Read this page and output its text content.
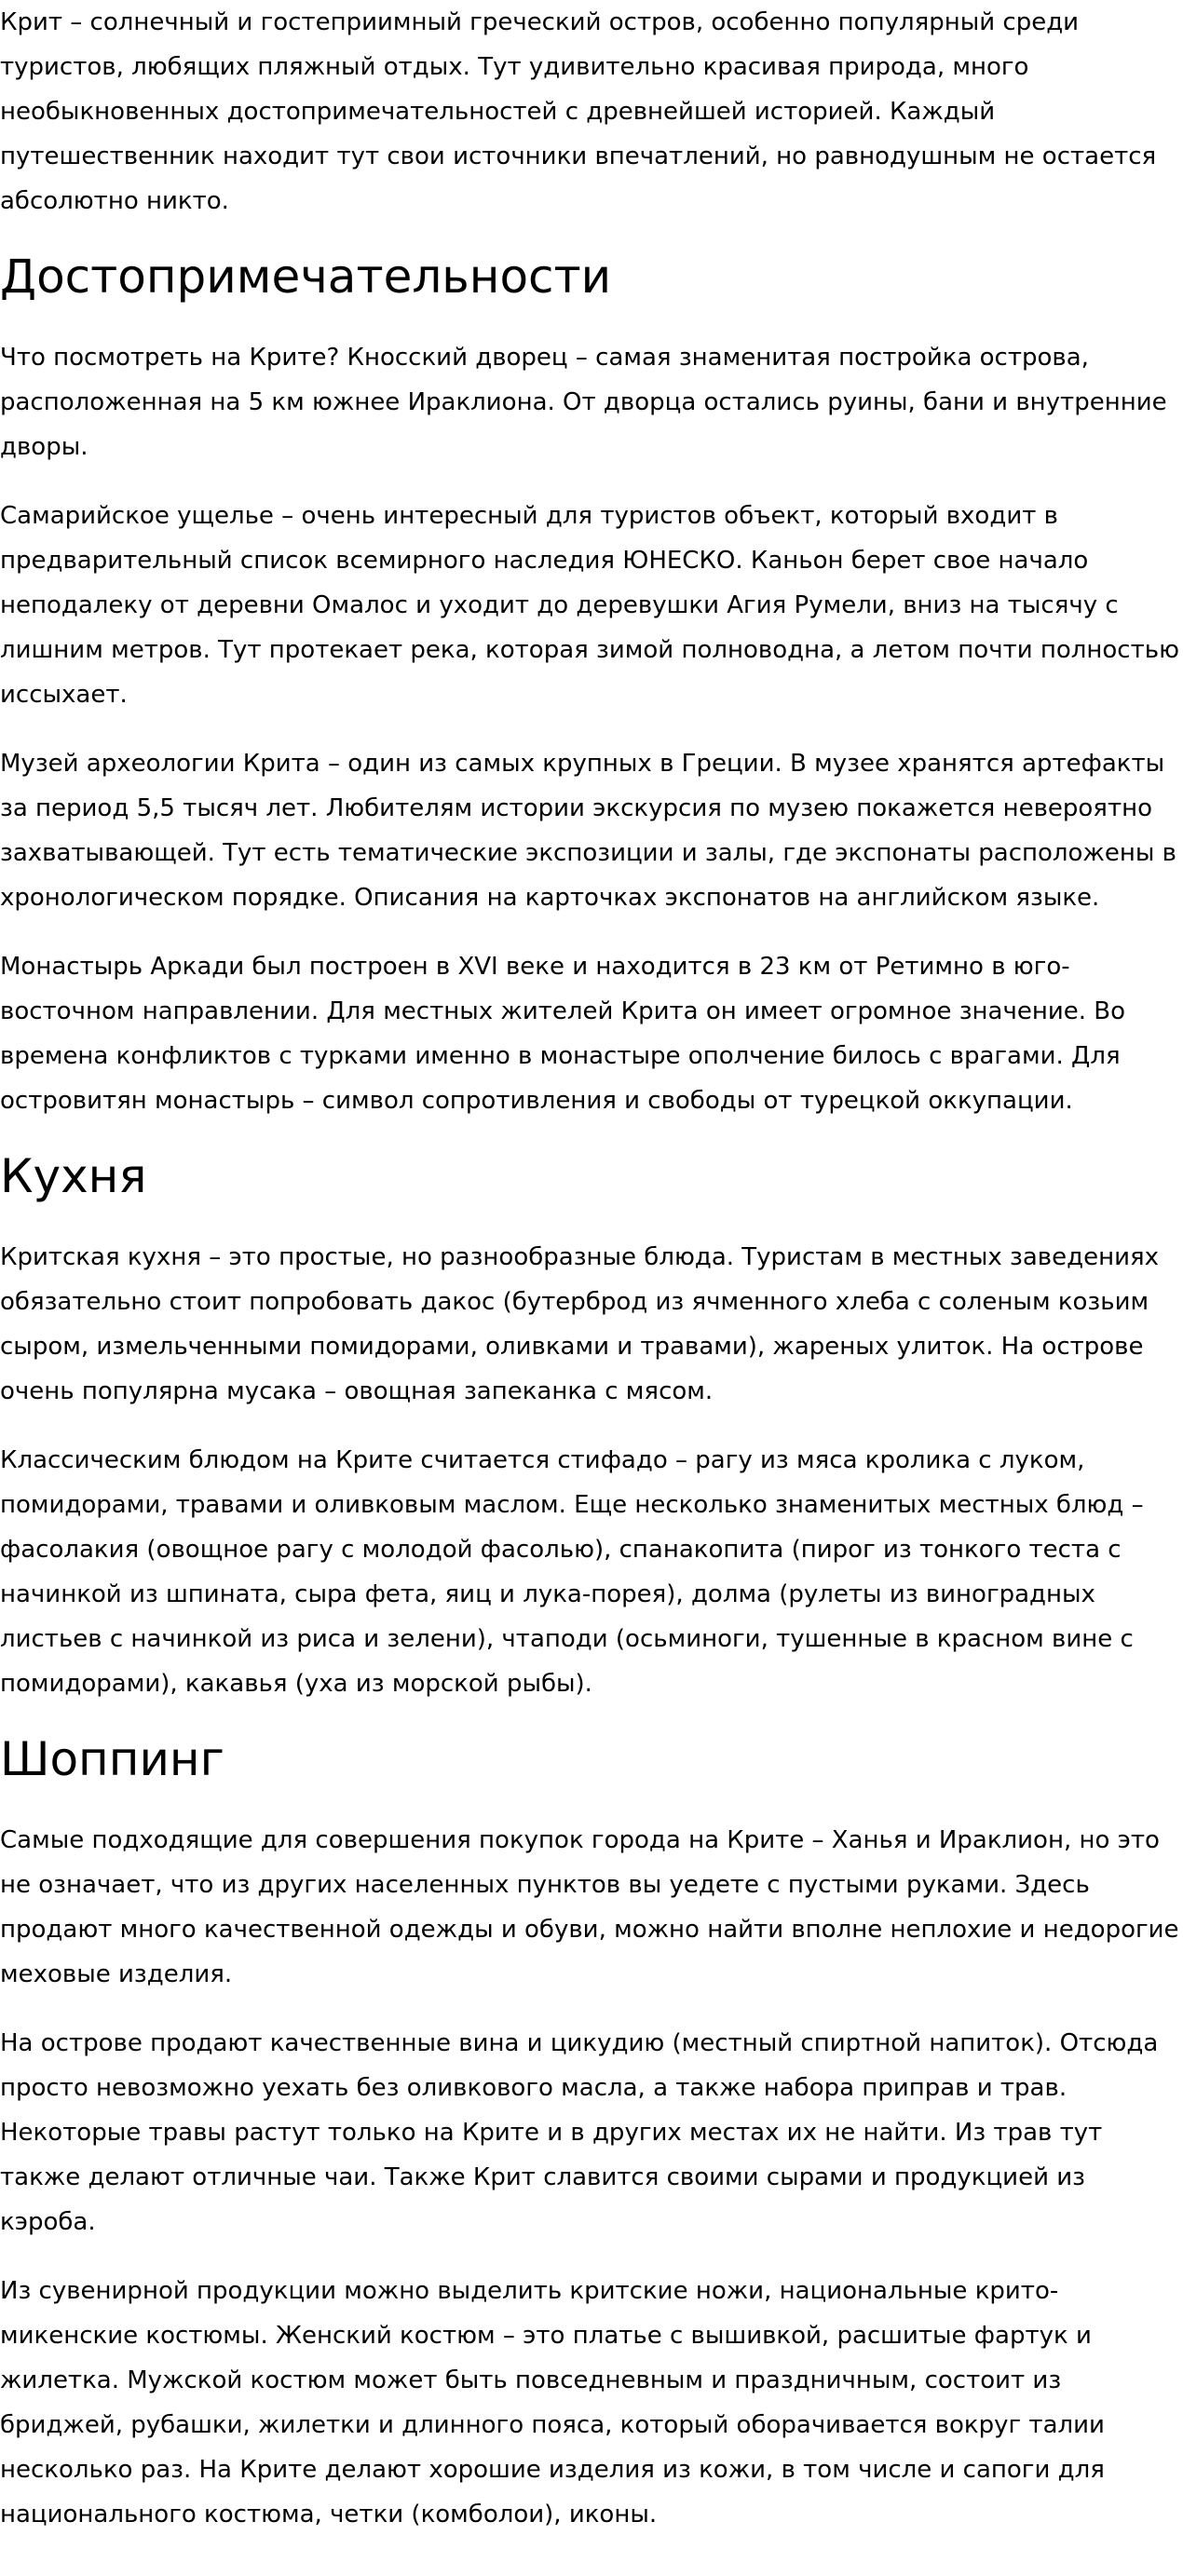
Крит – солнечный и гостеприимный греческий остров, особенно популярный среди туристов, любящих пляжный отдых. Тут удивительно красивая природа, много необыкновенных достопримечательностей с древнейшей историей. Каждый путешественник находит тут свои источники впечатлений, но равнодушным не остается абсолютно никто.

Достопримечательности

Что посмотреть на Крите? Кносский дворец – самая знаменитая постройка острова, расположенная на 5 км южнее Ираклиона. От дворца остались руины, бани и внутренние дворы.

Самарийское ущелье – очень интересный для туристов объект, который входит в предварительный список всемирного наследия ЮНЕСКО. Каньон берет свое начало неподалеку от деревни Омалос и уходит до деревушки Агия Румели, вниз на тысячу с лишним метров. Тут протекает река, которая зимой полноводна, а летом почти полностью иссыхает.

Музей археологии Крита – один из самых крупных в Греции. В музее хранятся артефакты за период 5,5 тысяч лет. Любителям истории экскурсия по музею покажется невероятно захватывающей. Тут есть тематические экспозиции и залы, где экспонаты расположены в хронологическом порядке. Описания на карточках экспонатов на английском языке.

Монастырь Аркади был построен в XVI веке и находится в 23 км от Ретимно в юго-восточном направлении. Для местных жителей Крита он имеет огромное значение. Во времена конфликтов с турками именно в монастыре ополчение билось с врагами. Для островитян монастырь – символ сопротивления и свободы от турецкой оккупации.

Кухня

Критская кухня – это простые, но разнообразные блюда. Туристам в местных заведениях обязательно стоит попробовать дакос (бутерброд из ячменного хлеба с соленым козьим сыром, измельченными помидорами, оливками и травами), жареных улиток. На острове очень популярна мусака – овощная запеканка с мясом.

Классическим блюдом на Крите считается стифадо – рагу из мяса кролика с луком, помидорами, травами и оливковым маслом. Еще несколько знаменитых местных блюд – фасолакия (овощное рагу с молодой фасолью), спанакопита (пирог из тонкого теста с начинкой из шпината, сыра фета, яиц и лука-порея), долма (рулеты из виноградных листьев с начинкой из риса и зелени), чтаподи (осьминоги, тушенные в красном вине с помидорами), какавья (уха из морской рыбы).

Шоппинг

Самые подходящие для совершения покупок города на Крите – Ханья и Ираклион, но это не означает, что из других населенных пунктов вы уедете с пустыми руками. Здесь продают много качественной одежды и обуви, можно найти вполне неплохие и недорогие меховые изделия.

На острове продают качественные вина и цикудию (местный спиртной напиток). Отсюда просто невозможно уехать без оливкового масла, а также набора приправ и трав. Некоторые травы растут только на Крите и в других местах их не найти. Из трав тут также делают отличные чаи. Также Крит славится своими сырами и продукцией из кэроба.

Из сувенирной продукции можно выделить критские ножи, национальные крито-микенские костюмы. Женский костюм – это платье с вышивкой, расшитые фартук и жилетка. Мужской костюм может быть повседневным и праздничным, состоит из бриджей, рубашки, жилетки и длинного пояса, который оборачивается вокруг талии несколько раз. На Крите делают хорошие изделия из кожи, в том числе и сапоги для национального костюма, четки (комболои), иконы.
